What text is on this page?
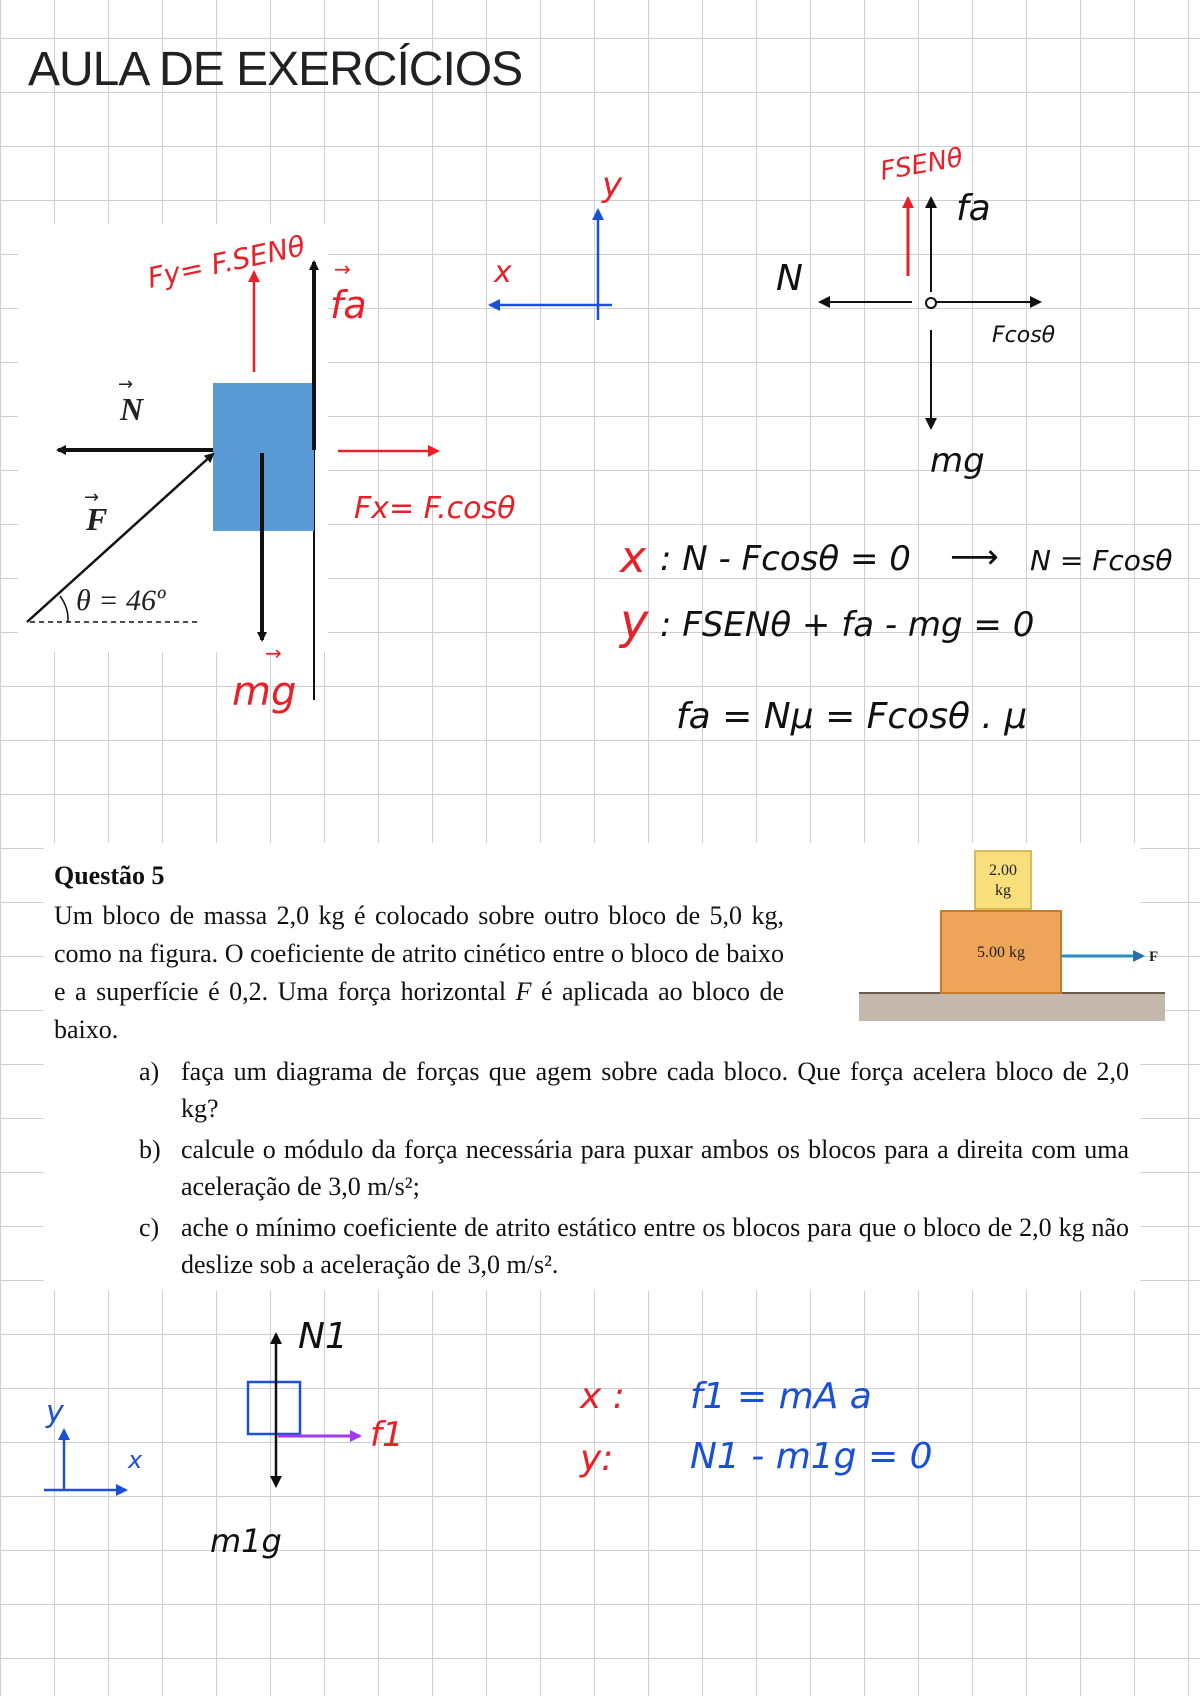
AULA DE EXERCÍCIOS
N
→
F
→
θ = 46º
Fy= F.SENθ
Fx= F.cosθ
fa
→
mg
→
y
x
FSENθ
fa
N
Fcosθ
mg
x : N - Fcosθ = 0 ⟶ N = Fcosθ
y : FSENθ + fa - mg = 0
fa = Nμ = Fcosθ . μ
Questão 5
Um bloco de massa 2,0 kg é colocado sobre outro bloco de 5,0 kg, como na figura. O coeficiente de atrito cinético entre o bloco de baixo e a superfície é 0,2. Uma força horizontal F é aplicada ao bloco de baixo.
a) faça um diagrama de forças que agem sobre cada bloco. Que força acelera bloco de 2,0 kg?
b) calcule o módulo da força necessária para puxar ambos os blocos para a direita com uma aceleração de 3,0 m/s²;
c) ache o mínimo coeficiente de atrito estático entre os blocos para que o bloco de 2,0 kg não deslize sob a aceleração de 3,0 m/s².
2.00
kg
5.00 kg	F
y
x
N1
f1
m1g
x : f1 = mA a
y: N1 - m1g = 0
